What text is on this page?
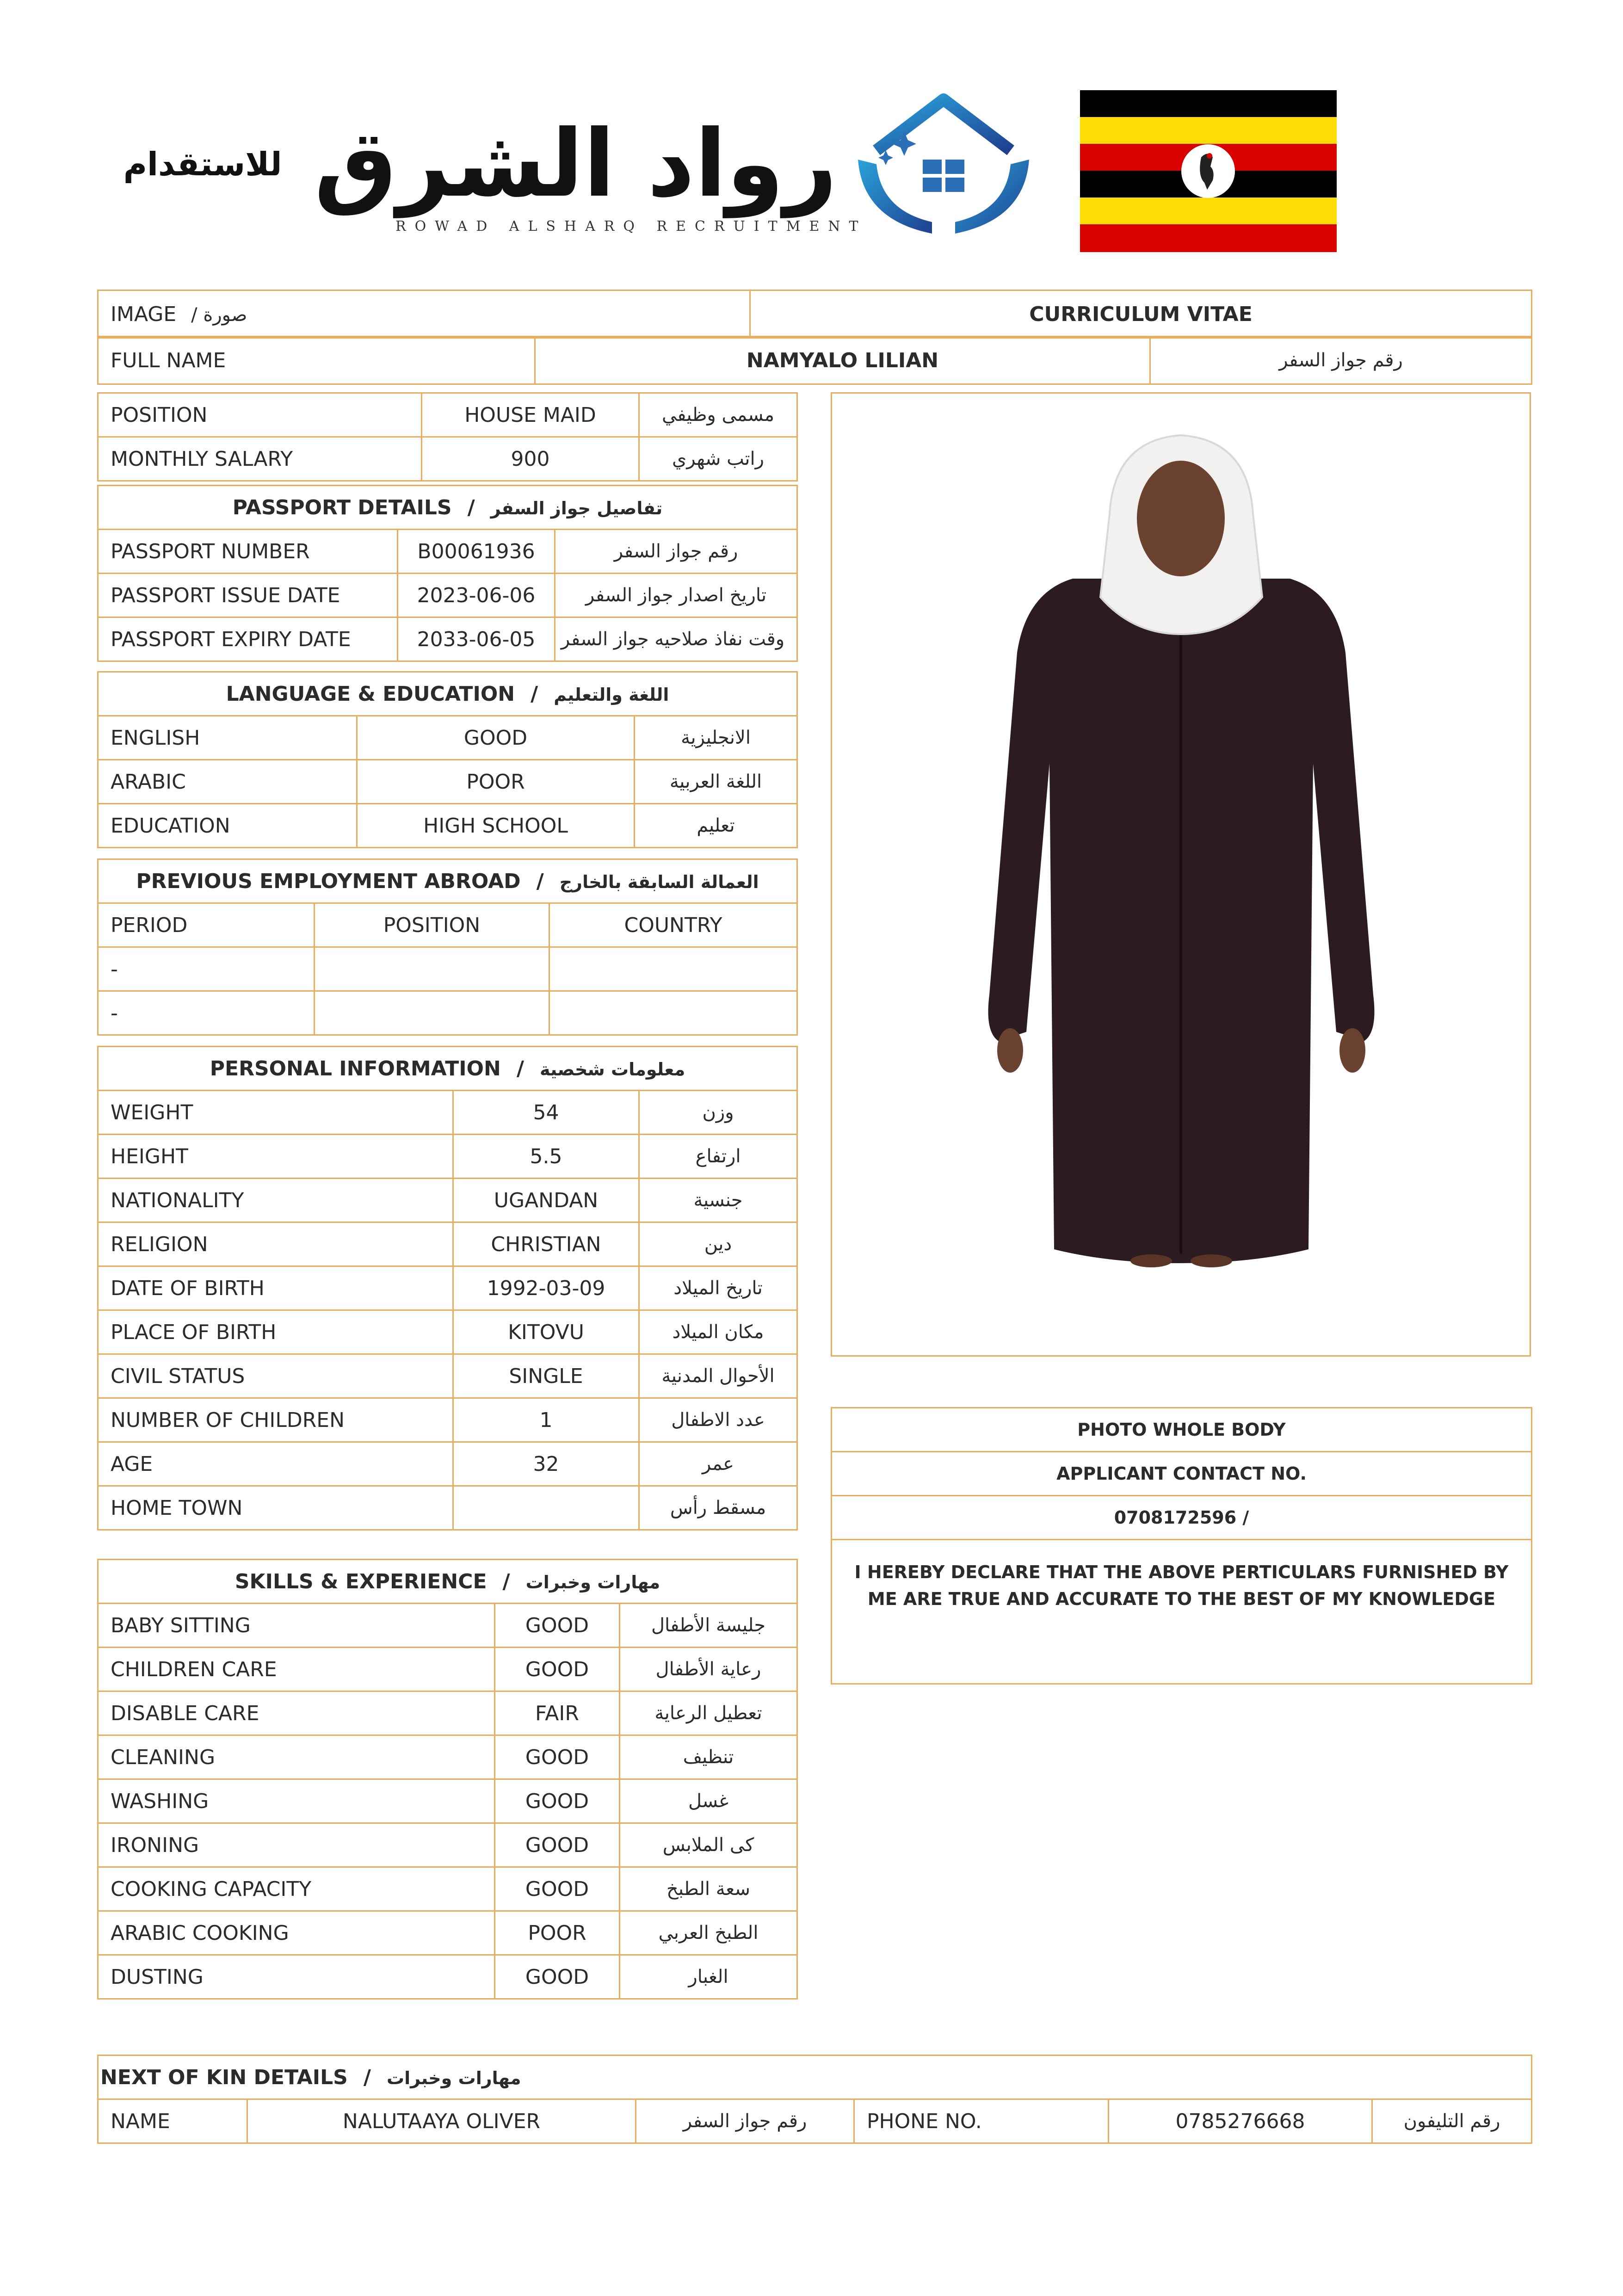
رواد الشرق للاستقدام
ROWAD ALSHARQ RECRUITMENT
IMAGE / صورة	CURRICULUM VITAE
FULL NAME	NAMYALO LILIAN	رقم جواز السفر
POSITION	HOUSE MAID	مسمى وظيفي
MONTHLY SALARY	900	راتب شهري
PASSPORT DETAILS / تفاصيل جواز السفر		
PASSPORT NUMBER	B00061936	رقم جواز السفر
PASSPORT ISSUE DATE	2023-06-06	تاريخ اصدار جواز السفر
PASSPORT EXPIRY DATE	2033-06-05	وقت نفاذ صلاحيه جواز السفر
LANGUAGE & EDUCATION / اللغة والتعليم		
ENGLISH	GOOD	الانجليزية
ARABIC	POOR	اللغة العربية
EDUCATION	HIGH SCHOOL	تعليم
PREVIOUS EMPLOYMENT ABROAD / العمالة السابقة بالخارج		
PERIOD	POSITION	COUNTRY
-		
-		
PERSONAL INFORMATION / معلومات شخصية		
WEIGHT	54	وزن
HEIGHT	5.5	ارتفاع
NATIONALITY	UGANDAN	جنسية
RELIGION	CHRISTIAN	دين
DATE OF BIRTH	1992-03-09	تاريخ الميلاد
PLACE OF BIRTH	KITOVU	مكان الميلاد
CIVIL STATUS	SINGLE	الأحوال المدنية
NUMBER OF CHILDREN	1	عدد الاطفال
AGE	32	عمر
HOME TOWN		مسقط رأس
SKILLS & EXPERIENCE / مهارات وخبرات		
BABY SITTING	GOOD	جليسة الأطفال
CHILDREN CARE	GOOD	رعاية الأطفال
DISABLE CARE	FAIR	تعطيل الرعاية
CLEANING	GOOD	تنظيف
WASHING	GOOD	غسل
IRONING	GOOD	كى الملابس
COOKING CAPACITY	GOOD	سعة الطبخ
ARABIC COOKING	POOR	الطبخ العربي
DUSTING	GOOD	الغبار
PHOTO WHOLE BODY
APPLICANT CONTACT NO.
0708172596 /
I HEREBY DECLARE THAT THE ABOVE PERTICULARS FURNISHED BY ME ARE TRUE AND ACCURATE TO THE BEST OF MY KNOWLEDGE
NEXT OF KIN DETAILS / مهارات وخبرات
NAME	NALUTAAYA OLIVER	رقم جواز السفر	PHONE NO.	0785276668	رقم التليفون
